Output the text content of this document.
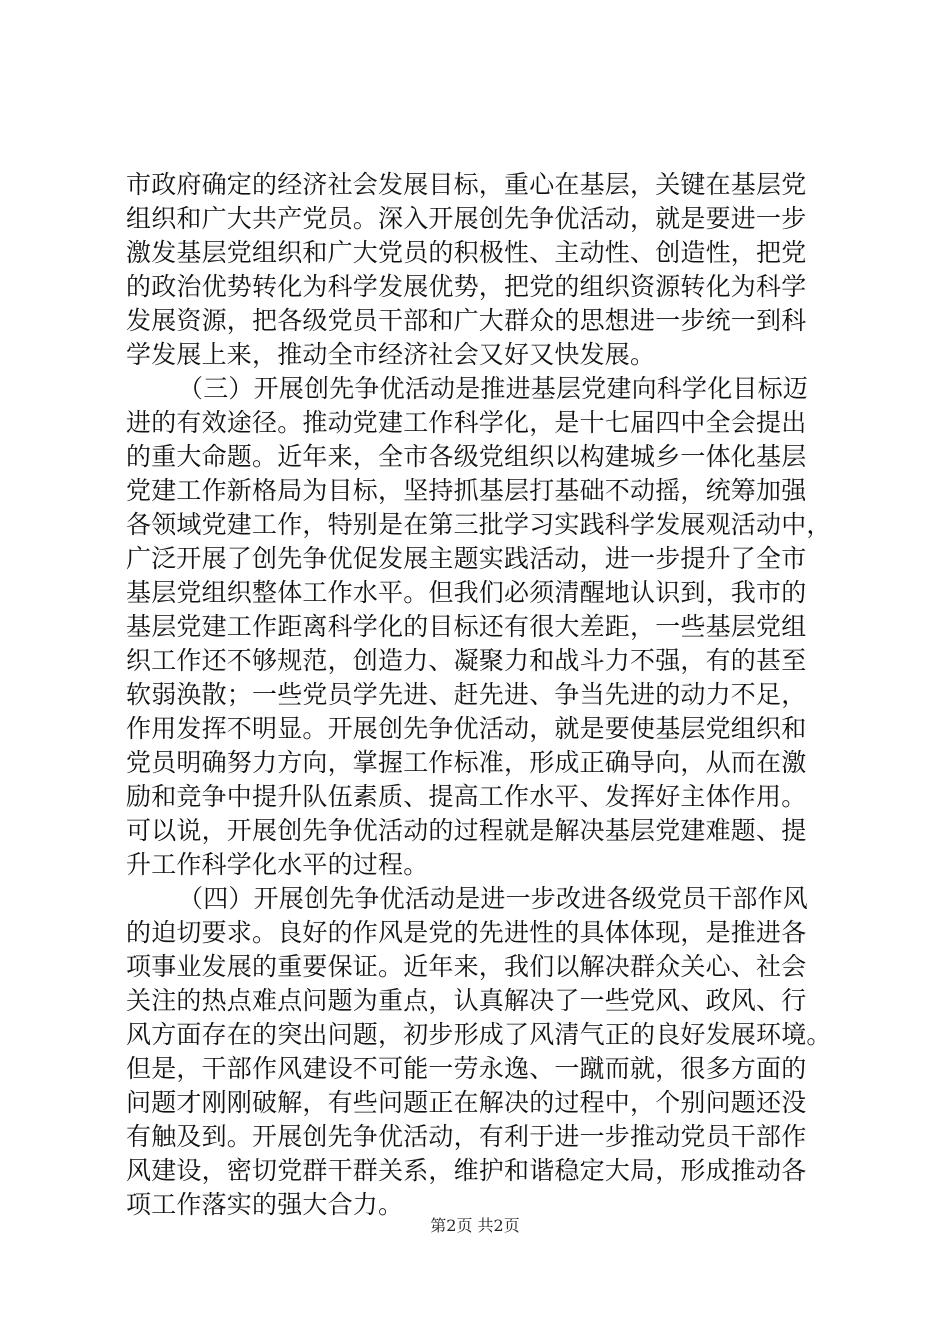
市政府确定的经济社会发展目标，重心在基层，关键在基层党
组织和广大共产党员。深入开展创先争优活动，就是要进一步
激发基层党组织和广大党员的积极性、主动性、创造性，把党
的政治优势转化为科学发展优势，把党的组织资源转化为科学
发展资源，把各级党员干部和广大群众的思想进一步统一到科
学发展上来，推动全市经济社会又好又快发展。
（三）开展创先争优活动是推进基层党建向科学化目标迈
进的有效途径。推动党建工作科学化，是十七届四中全会提出
的重大命题。近年来，全市各级党组织以构建城乡一体化基层
党建工作新格局为目标，坚持抓基层打基础不动摇，统筹加强
各领域党建工作，特别是在第三批学习实践科学发展观活动中，
广泛开展了创先争优促发展主题实践活动，进一步提升了全市
基层党组织整体工作水平。但我们必须清醒地认识到，我市的
基层党建工作距离科学化的目标还有很大差距，一些基层党组
织工作还不够规范，创造力、凝聚力和战斗力不强，有的甚至
软弱涣散；一些党员学先进、赶先进、争当先进的动力不足，
作用发挥不明显。开展创先争优活动，就是要使基层党组织和
党员明确努力方向，掌握工作标准，形成正确导向，从而在激
励和竞争中提升队伍素质、提高工作水平、发挥好主体作用。
可以说，开展创先争优活动的过程就是解决基层党建难题、提
升工作科学化水平的过程。
（四）开展创先争优活动是进一步改进各级党员干部作风
的迫切要求。良好的作风是党的先进性的具体体现，是推进各
项事业发展的重要保证。近年来，我们以解决群众关心、社会
关注的热点难点问题为重点，认真解决了一些党风、政风、行
风方面存在的突出问题，初步形成了风清气正的良好发展环境。
但是，干部作风建设不可能一劳永逸、一蹴而就，很多方面的
问题才刚刚破解，有些问题正在解决的过程中，个别问题还没
有触及到。开展创先争优活动，有利于进一步推动党员干部作
风建设，密切党群干群关系，维护和谐稳定大局，形成推动各
项工作落实的强大合力。
第2页 共2页
